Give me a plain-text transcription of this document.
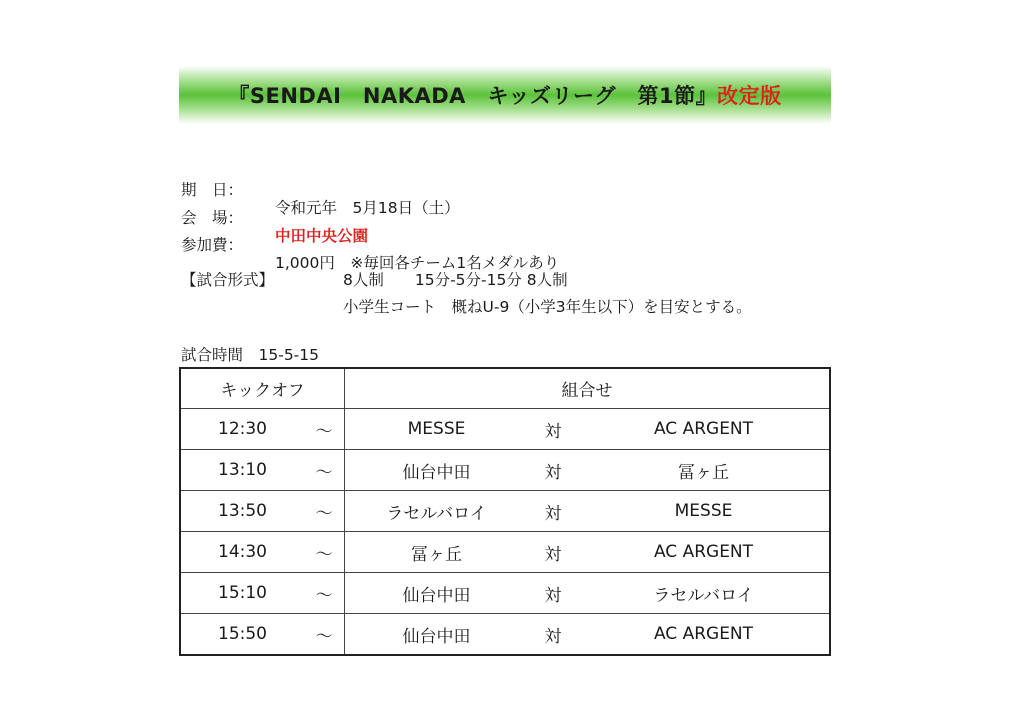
『SENDAI　NAKADA　キッズリーグ　第1節』 改定版

期　日：

令和元年　5月18日（土）

会　場：

中田中央公園

参加費：

1,000円　※毎回各チーム1名メダルあり

【試合形式】	8人制　　15分-5分-15分 8人制
小学生コート　概ねU-9（小学3年生以下）を目安とする。
試合時間　15-5-15
キックオフ		組合せ		
12:30	～	MESSE	対	AC ARGENT
13:10	～	仙台中田	対	冨ヶ丘
13:50	～	ラセルバロイ	対	MESSE
14:30	～	冨ヶ丘	対	AC ARGENT
15:10	～	仙台中田	対	ラセルバロイ
15:50	～	仙台中田	対	AC ARGENT
